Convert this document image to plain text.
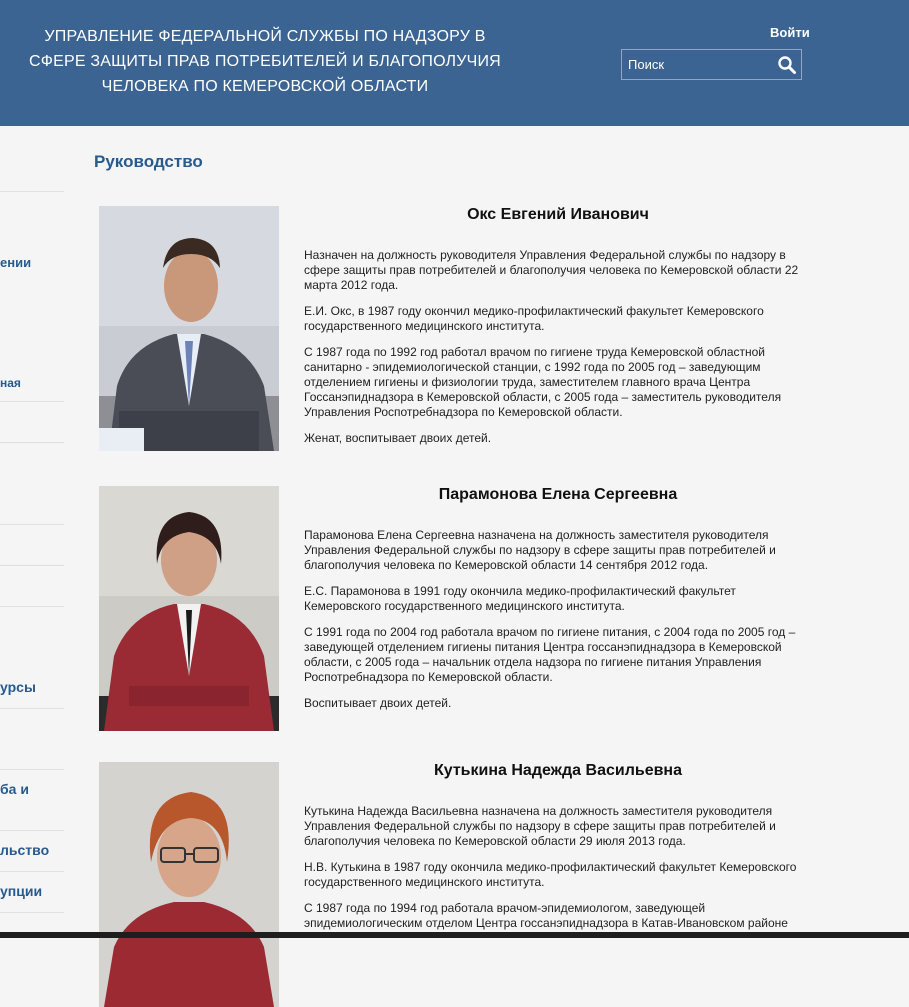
УПРАВЛЕНИЕ ФЕДЕРАЛЬНОЙ СЛУЖБЫ ПО НАДЗОРУ В
СФЕРЕ ЗАЩИТЫ ПРАВ ПОТРЕБИТЕЛЕЙ И БЛАГОПОЛУЧИЯ
ЧЕЛОВЕКА ПО КЕМЕРОВСКОЙ ОБЛАСТИ
Войти
Поиск
ении
ная
урсы
ба и
льство
упции
Руководство
Окс Евгений Иванович

Назначен на должность руководителя Управления Федеральной службы по надзору в сфере защиты прав потребителей и благополучия человека по Кемеровской области 22 марта 2012 года.

Е.И. Окс, в 1987 году окончил медико-профилактический факультет Кемеровского государственного медицинского института.

С 1987 года по 1992 год работал врачом по гигиене труда Кемеровской областной санитарно - эпидемиологической станции, с 1992 года по 2005 год – заведующим отделением гигиены и физиологии труда, заместителем главного врача Центра Госсанэпиднадзора в Кемеровской области, с 2005 года – заместитель руководителя Управления Роспотребнадзора по Кемеровской области.

Женат, воспитывает двоих детей.

Парамонова Елена Сергеевна

Парамонова Елена Сергеевна назначена на должность заместителя руководителя Управления Федеральной службы по надзору в сфере защиты прав потребителей и благополучия человека по Кемеровской области 14 сентября 2012 года.

Е.С. Парамонова в 1991 году окончила медико-профилактический факультет Кемеровского государственного медицинского института.

С 1991 года по 2004 год работала врачом по гигиене питания, с 2004 года по 2005 год – заведующей отделением гигиены питания Центра госсанэпиднадзора в Кемеровской области, с 2005 года – начальник отдела надзора по гигиене питания Управления Роспотребнадзора по Кемеровской области.

Воспитывает двоих детей.

Кутькина Надежда Васильевна

Кутькина Надежда Васильевна назначена на должность заместителя руководителя Управления Федеральной службы по надзору в сфере защиты прав потребителей и благополучия человека по Кемеровской области 29 июля 2013 года.

Н.В. Кутькина в 1987 году окончила медико-профилактический факультет Кемеровского государственного медицинского института.

С 1987 года по 1994 год работала врачом-эпидемиологом, заведующей эпидемиологическим отделом Центра госсанэпиднадзора в Катав-Ивановском районе
